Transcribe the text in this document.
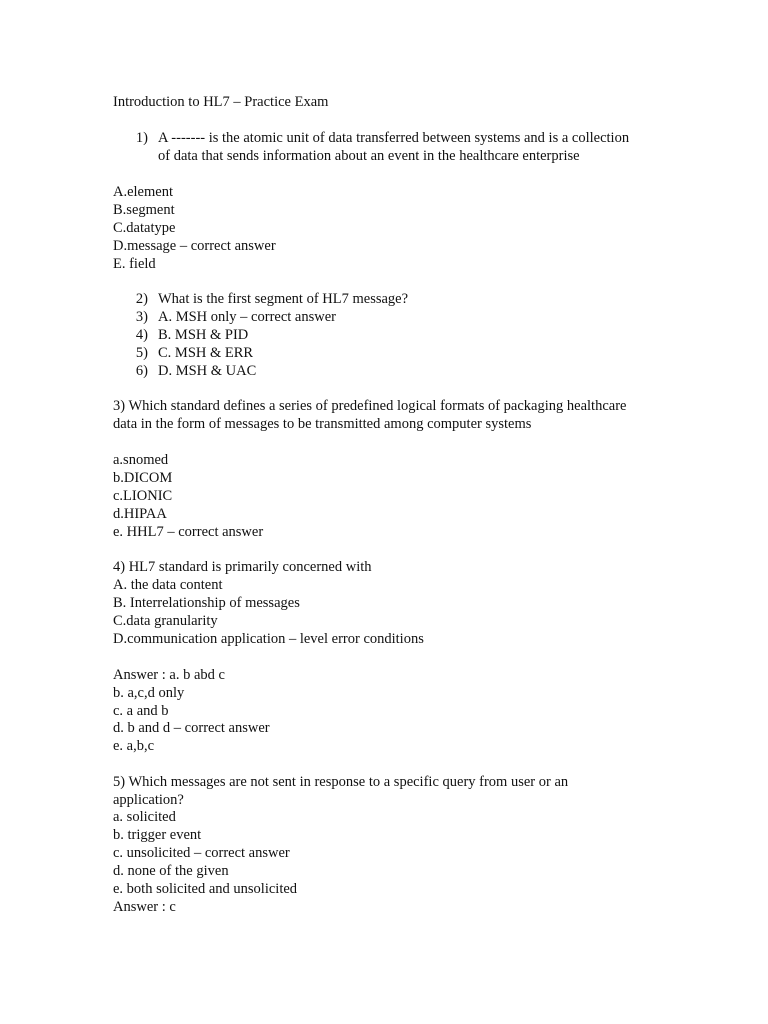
Introduction to HL7 – Practice Exam
1) A ------- is the atomic unit of data transferred between systems and is a collection
of data that sends information about an event in the healthcare enterprise
A.element
B.segment
C.datatype
D.message – correct answer
E. field
2) What is the first segment of HL7 message?
3) A. MSH only – correct answer
4) B. MSH & PID
5) C. MSH & ERR
6) D. MSH & UAC
3) Which standard defines a series of predefined logical formats of packaging healthcare
data in the form of messages to be transmitted among computer systems
a.snomed
b.DICOM
c.LIONIC
d.HIPAA
e. HHL7 – correct answer
4) HL7 standard is primarily concerned with
A. the data content
B. Interrelationship of messages
C.data granularity
D.communication application – level error conditions
Answer : a. b abd c
b. a,c,d only
c. a and b
d. b and d – correct answer
e. a,b,c
5) Which messages are not sent in response to a specific query from user or an
application?
a. solicited
b. trigger event
c. unsolicited – correct answer
d. none of the given
e. both solicited and unsolicited
Answer : c
